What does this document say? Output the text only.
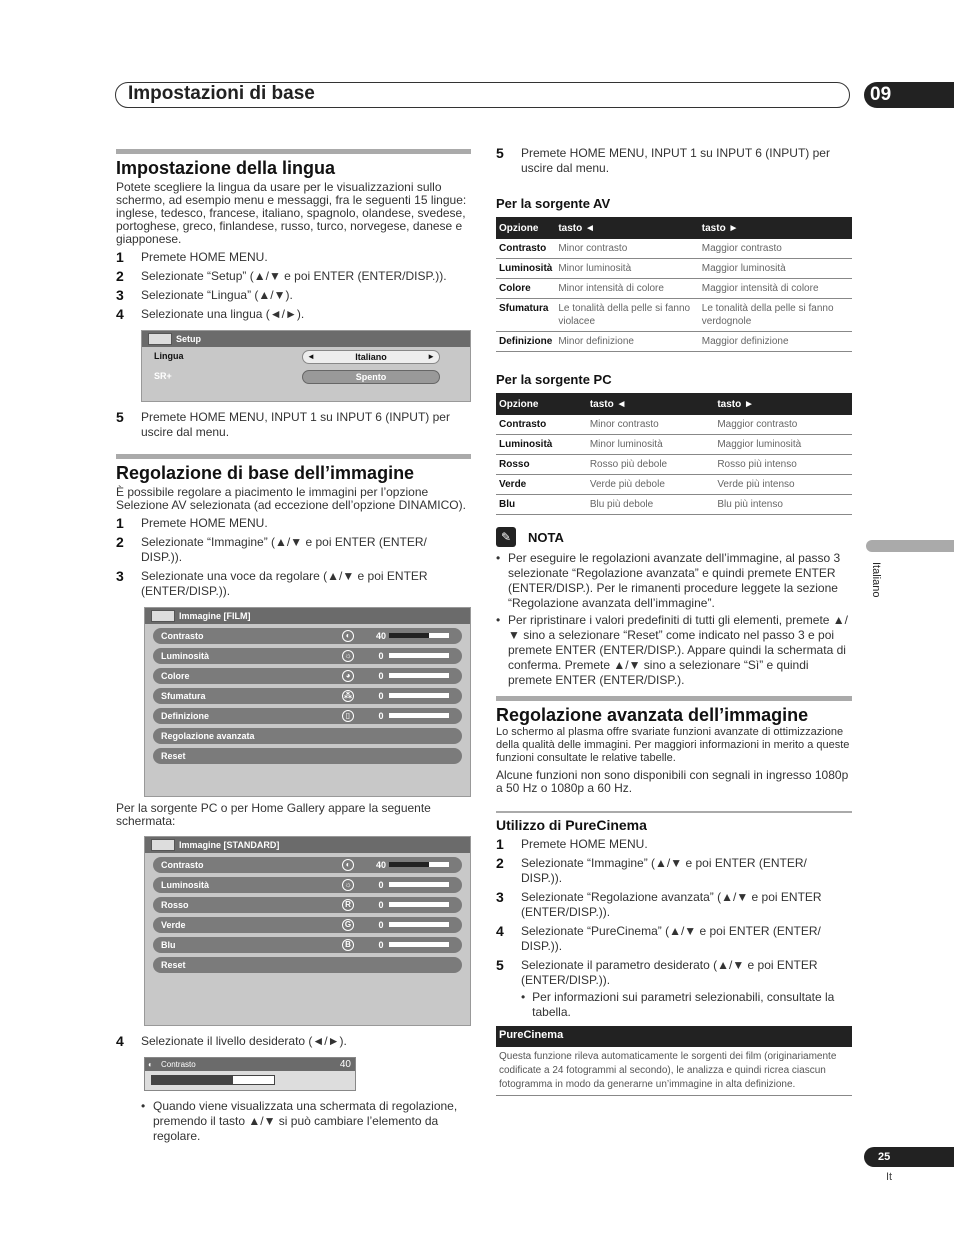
Impostazioni di base	09
Impostazione della lingua

Potete scegliere la lingua da usare per le visualizzazioni sullo schermo, ad esempio menu e messaggi, fra le seguenti 15 lingue: inglese, tedesco, francese, italiano, spagnolo, olandese, svedese, portoghese, greco, finlandese, russo, turco, norvegese, danese e giapponese.

1	Premete HOME MENU.
2	Selezionate “Setup” (▲/▼ e poi ENTER (ENTER/DISP.)).
3	Selezionate “Lingua” (▲/▼).
4	Selezionate una lingua (◄/►).
Setup
Lingua	◄	Italiano	►
SR+	Spento
5	Premete HOME MENU, INPUT 1 su INPUT 6 (INPUT) per uscire dal menu.
Regolazione di base dell’immagine

È possibile regolare a piacimento le immagini per l’opzione Selezione AV selezionata (ad eccezione dell’opzione DINAMICO).

1	Premete HOME MENU.
2	Selezionate “Immagine” (▲/▼ e poi ENTER (ENTER/ DISP.)).
3	Selezionate una voce da regolare (▲/▼ e poi ENTER (ENTER/DISP.)).
Immagine [FILM]
Contrasto	◐	40
Luminosità	☼	0
Colore	◕	0
Sfumatura	⁂	0
Definizione	▯	0
Regolazione avanzata
Reset

Per la sorgente PC o per Home Gallery appare la seguente schermata:

Immagine [STANDARD]
Contrasto	◐	40
Luminosità	☼	0
Rosso	R	0
Verde	G	0
Blu	B	0
Reset
4	Selezionate il livello desiderato (◄/►).
◐ Contrasto	40
• Quando viene visualizzata una schermata di regolazione, premendo il tasto ▲/▼ si può cambiare l’elemento da regolare.
5	Premete HOME MENU, INPUT 1 su INPUT 6 (INPUT) per uscire dal menu.
Per la sorgente AV
Opzione	tasto ◄	tasto ►
Contrasto	Minor contrasto	Maggior contrasto
Luminosità	Minor luminosità	Maggior luminosità
Colore	Minor intensità di colore	Maggior intensità di colore
Sfumatura	Le tonalità della pelle si fanno violacee	Le tonalità della pelle si fanno verdognole
Definizione	Minor definizione	Maggior definizione
Per la sorgente PC
Opzione	tasto ◄	tasto ►
Contrasto	Minor contrasto	Maggior contrasto
Luminosità	Minor luminosità	Maggior luminosità
Rosso	Rosso più debole	Rosso più intenso
Verde	Verde più debole	Verde più intenso
Blu	Blu più debole	Blu più intenso
✎	NOTA
• Per eseguire le regolazioni avanzate dell’immagine, al passo 3 selezionate “Regolazione avanzata” e quindi premete ENTER (ENTER/DISP.). Per le rimanenti procedure leggete la sezione “Regolazione avanzata dell’immagine”.
• Per ripristinare i valori predefiniti di tutti gli elementi, premete ▲/▼ sino a selezionare “Reset” come indicato nel passo 3 e poi premete ENTER (ENTER/DISP.). Appare quindi la schermata di conferma. Premete ▲/▼ sino a selezionare “Sì” e quindi premete ENTER (ENTER/DISP.).
Regolazione avanzata dell’immagine

Lo schermo al plasma offre svariate funzioni avanzate di ottimizzazione della qualità delle immagini. Per maggiori informazioni in merito a queste funzioni consultate le relative tabelle.

Alcune funzioni non sono disponibili con segnali in ingresso 1080p a 50 Hz o 1080p a 60 Hz.

Utilizzo di PureCinema
1	Premete HOME MENU.
2	Selezionate “Immagine” (▲/▼ e poi ENTER (ENTER/ DISP.)).
3	Selezionate “Regolazione avanzata” (▲/▼ e poi ENTER (ENTER/DISP.)).
4	Selezionate “PureCinema” (▲/▼ e poi ENTER (ENTER/ DISP.)).
5	Selezionate il parametro desiderato (▲/▼ e poi ENTER (ENTER/DISP.)).
• Per informazioni sui parametri selezionabili, consultate la tabella.
PureCinema
Questa funzione rileva automaticamente le sorgenti dei film (originariamente codificate a 24 fotogrammi al secondo), le analizza e quindi ricrea ciascun fotogramma in modo da generarne un’immagine in alta definizione.
Italiano
25
It
